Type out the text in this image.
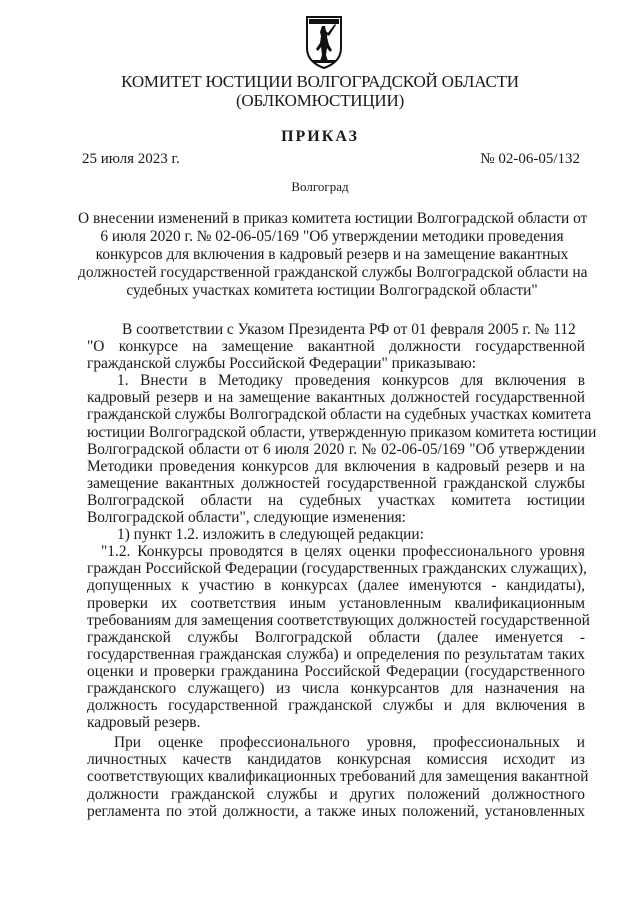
КОМИТЕТ ЮСТИЦИИ ВОЛГОГРАДСКОЙ ОБЛАСТИ
(ОБЛКОМЮСТИЦИИ)
ПРИКАЗ
25 июля 2023 г.	№ 02-06-05/132
Волгоград
О внесении изменений в приказ комитета юстиции Волгоградской области от
6 июля 2020 г. № 02-06-05/169 "Об утверждении методики проведения
конкурсов для включения в кадровый резерв и на замещение вакантных
должностей государственной гражданской службы Волгоградской области на
судебных участках комитета юстиции Волгоградской области"
В соответствии с Указом Президента РФ от 01 февраля 2005 г. № 112
"О конкурсе на замещение вакантной должности государственной
гражданской службы Российской Федерации" приказываю:
1. Внести в Методику проведения конкурсов для включения в
кадровый резерв и на замещение вакантных должностей государственной
гражданской службы Волгоградской области на судебных участках комитета
юстиции Волгоградской области, утвержденную приказом комитета юстиции
Волгоградской области от 6 июля 2020 г. № 02-06-05/169 "Об утверждении
Методики проведения конкурсов для включения в кадровый резерв и на
замещение вакантных должностей государственной гражданской службы
Волгоградской области на судебных участках комитета юстиции
Волгоградской области", следующие изменения:
1) пункт 1.2. изложить в следующей редакции:
"1.2. Конкурсы проводятся в целях оценки профессионального уровня
граждан Российской Федерации (государственных гражданских служащих),
допущенных к участию в конкурсах (далее именуются - кандидаты),
проверки их соответствия иным установленным квалификационным
требованиям для замещения соответствующих должностей государственной
гражданской службы Волгоградской области (далее именуется -
государственная гражданская служба) и определения по результатам таких
оценки и проверки гражданина Российской Федерации (государственного
гражданского служащего) из числа конкурсантов для назначения на
должность государственной гражданской службы и для включения в
кадровый резерв.
При оценке профессионального уровня, профессиональных и
личностных качеств кандидатов конкурсная комиссия исходит из
соответствующих квалификационных требований для замещения вакантной
должности гражданской службы и других положений должностного
регламента по этой должности, а также иных положений, установленных
